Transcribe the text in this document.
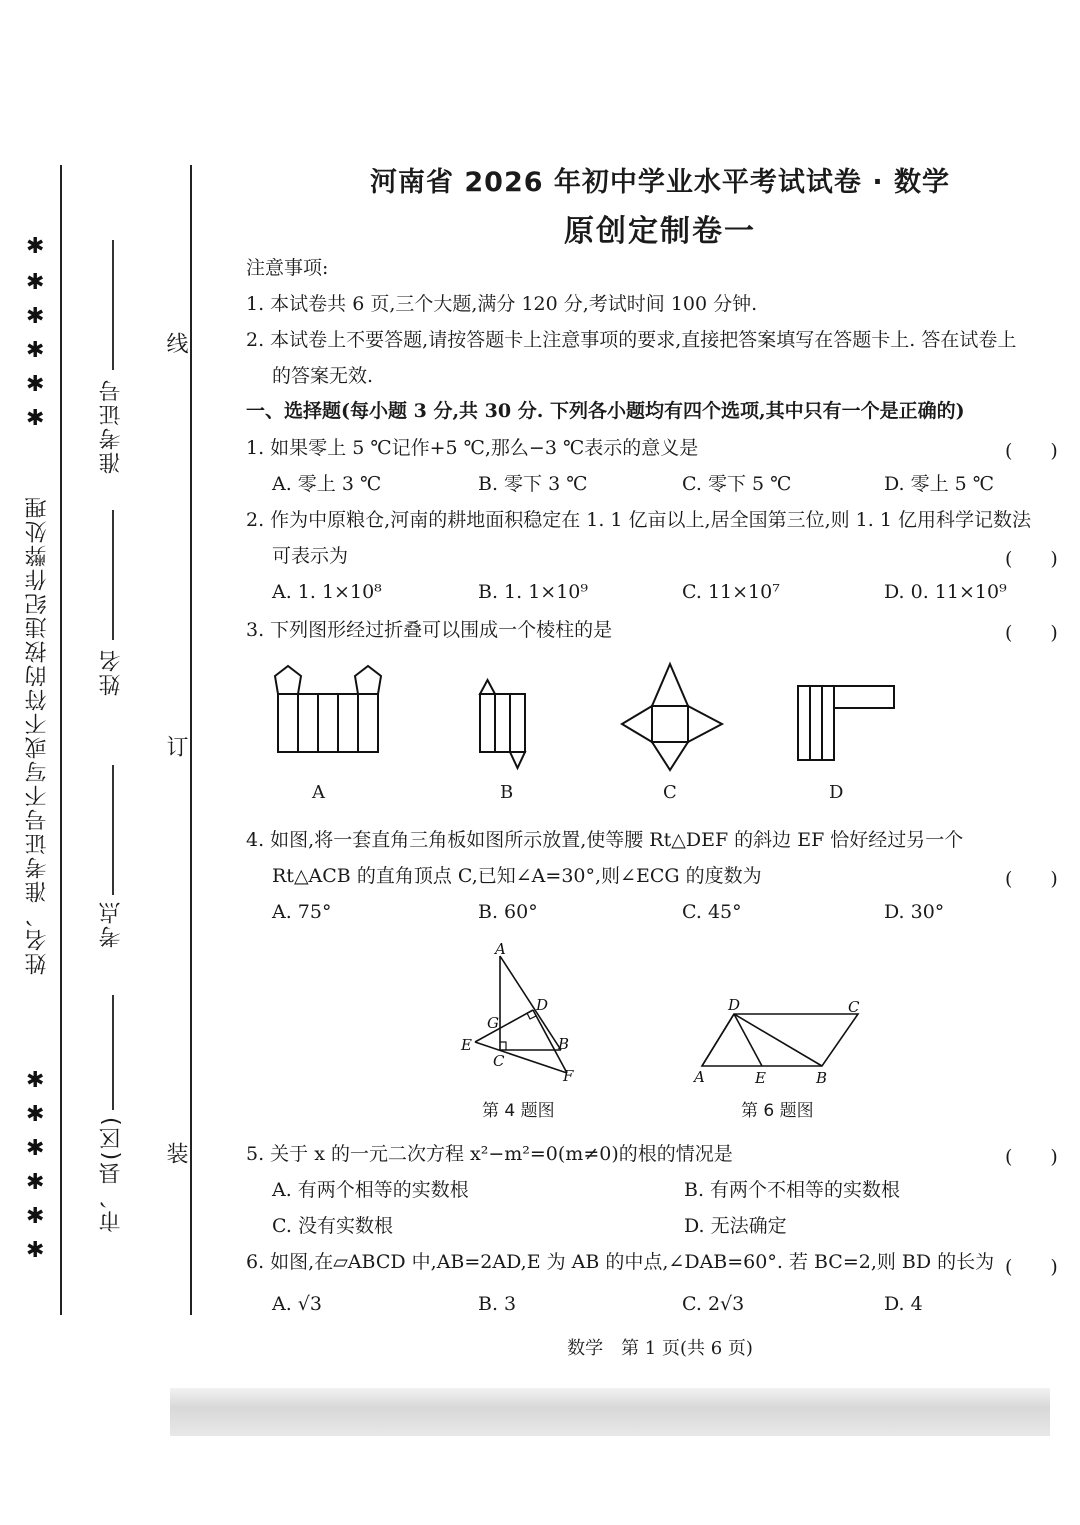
✱
✱
✱
✱
✱
✱
姓名、准考证号不写或不符的按违纪作弊处理
✱
✱
✱
✱
✱
✱
准考证号
姓名
考点
市、县(区)
线
订
装
河南省 2026 年初中学业水平考试试卷 · 数学
原创定制卷一
注意事项:
1. 本试卷共 6 页,三个大题,满分 120 分,考试时间 100 分钟.
2. 本试卷上不要答题,请按答题卡上注意事项的要求,直接把答案填写在答题卡上. 答在试卷上
的答案无效.
一、选择题(每小题 3 分,共 30 分. 下列各小题均有四个选项,其中只有一个是正确的)
1. 如果零上 5 ℃记作+5 ℃,那么−3 ℃表示的意义是	(　　)
A. 零上 3 ℃	B. 零下 3 ℃	C. 零下 5 ℃	D. 零上 5 ℃
2. 作为中原粮仓,河南的耕地面积稳定在 1. 1 亿亩以上,居全国第三位,则 1. 1 亿用科学记数法
可表示为	(　　)
A. 1. 1×10⁸	B. 1. 1×10⁹	C. 11×10⁷	D. 0. 11×10⁹
3. 下列图形经过折叠可以围成一个棱柱的是	(　　)
A	B	C	D
4. 如图,将一套直角三角板如图所示放置,使等腰 Rt△DEF 的斜边 EF 恰好经过另一个
Rt△ACB 的直角顶点 C,已知∠A=30°,则∠ECG 的度数为	(　　)
A. 75°	B. 60°	C. 45°	D. 30°
A
D
G
E
C
B
F
第 4 题图
D	C
A	E	B
第 6 题图
5. 关于 x 的一元二次方程 x²−m²=0(m≠0)的根的情况是	(　　)
A. 有两个相等的实数根	B. 有两个不相等的实数根
C. 没有实数根	D. 无法确定
6. 如图,在▱ABCD 中,AB=2AD,E 为 AB 的中点,∠DAB=60°. 若 BC=2,则 BD 的长为 (　　)
A. √3	B. 3	C. 2√3	D. 4
数学　第 1 页(共 6 页)
